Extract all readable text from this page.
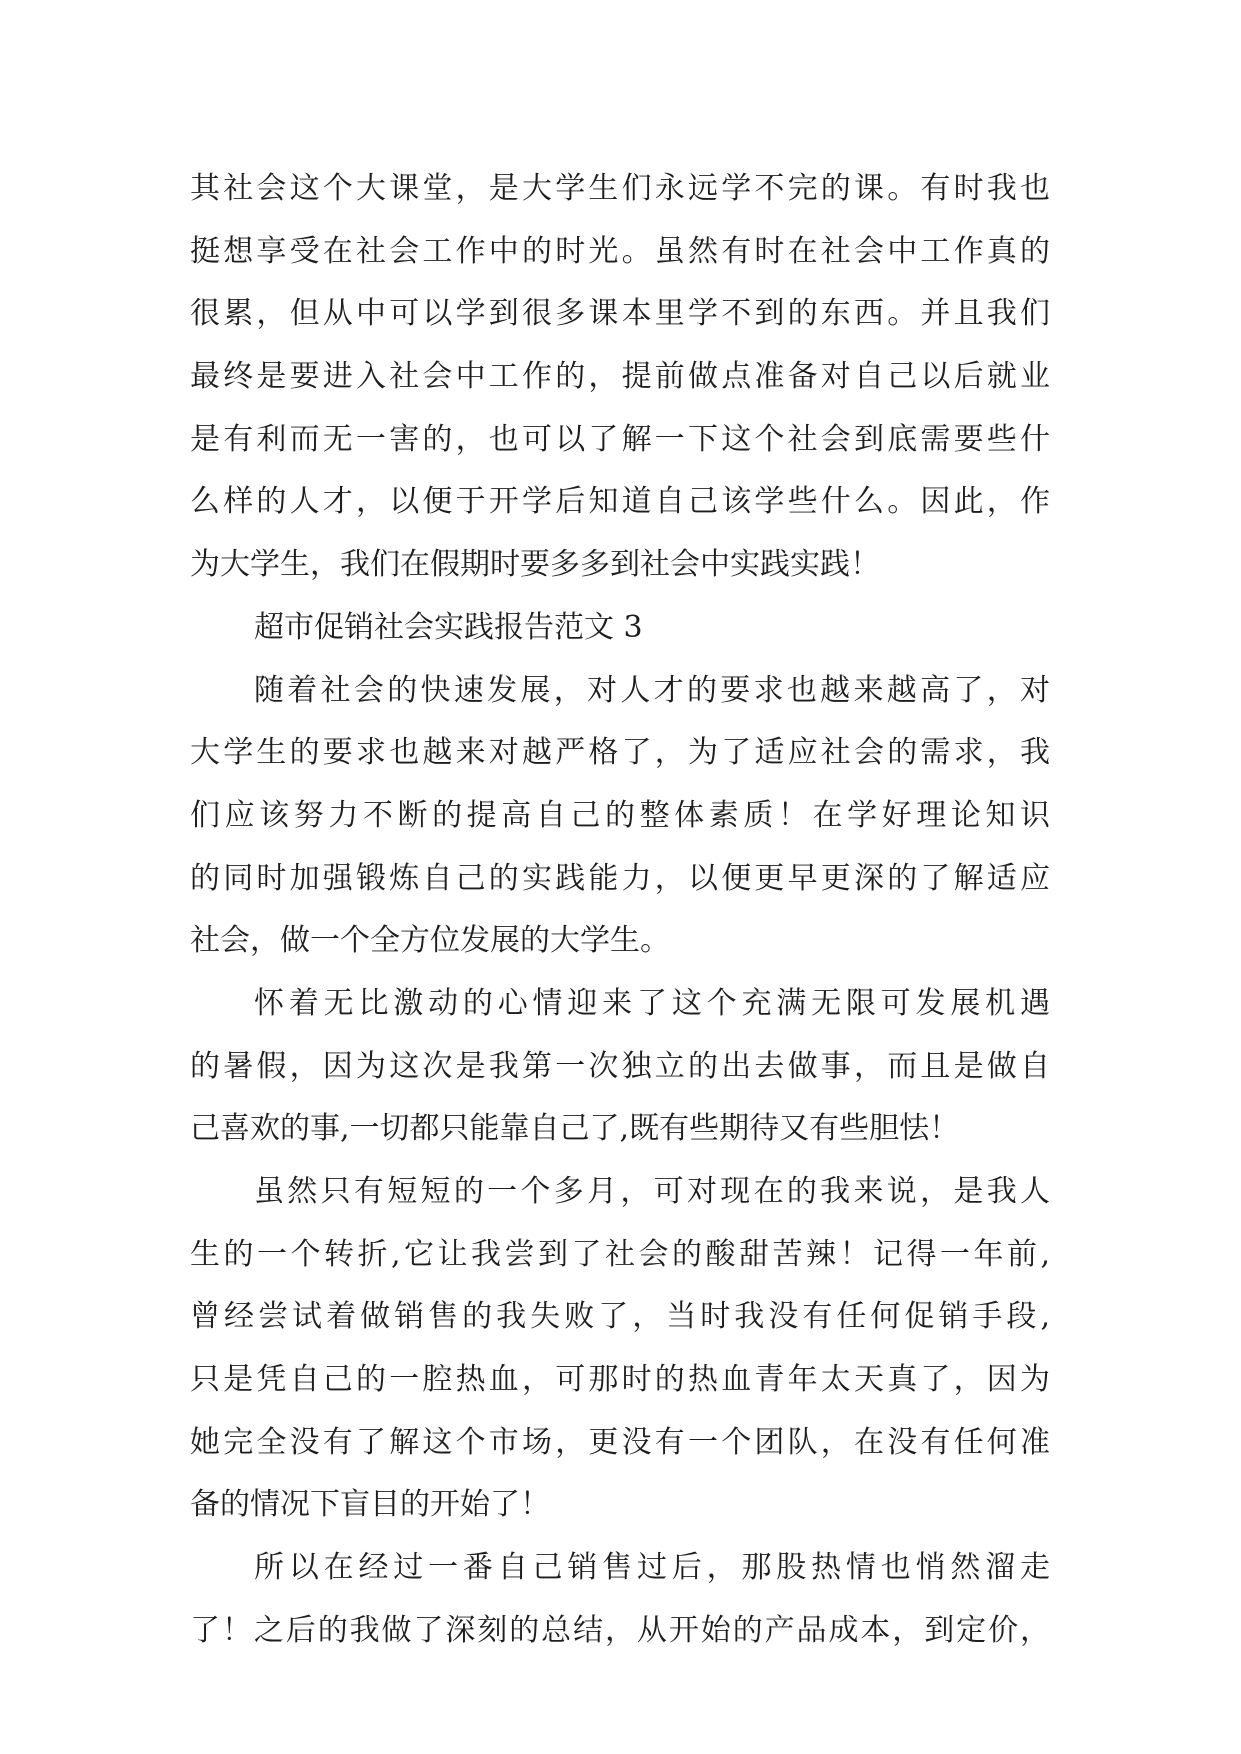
其社会这个大课堂，是大学生们永远学不完的课。有时我也
挺想享受在社会工作中的时光。虽然有时在社会中工作真的
很累，但从中可以学到很多课本里学不到的东西。并且我们
最终是要进入社会中工作的，提前做点准备对自己以后就业
是有利而无一害的，也可以了解一下这个社会到底需要些什
么样的人才，以便于开学后知道自己该学些什么。因此，作
为大学生，我们在假期时要多多到社会中实践实践！
超市促销社会实践报告范文 3
随着社会的快速发展，对人才的要求也越来越高了，对
大学生的要求也越来对越严格了，为了适应社会的需求，我
们应该努力不断的提高自己的整体素质！在学好理论知识
的同时加强锻炼自己的实践能力，以便更早更深的了解适应
社会，做一个全方位发展的大学生。
怀着无比激动的心情迎来了这个充满无限可发展机遇
的暑假，因为这次是我第一次独立的出去做事，而且是做自
己喜欢的事,一切都只能靠自己了,既有些期待又有些胆怯！
虽然只有短短的一个多月，可对现在的我来说，是我人
生的一个转折,它让我尝到了社会的酸甜苦辣！记得一年前,
曾经尝试着做销售的我失败了，当时我没有任何促销手段,
只是凭自己的一腔热血，可那时的热血青年太天真了，因为
她完全没有了解这个市场，更没有一个团队，在没有任何准
备的情况下盲目的开始了！
所以在经过一番自己销售过后，那股热情也悄然溜走
了！之后的我做了深刻的总结，从开始的产品成本，到定价，
